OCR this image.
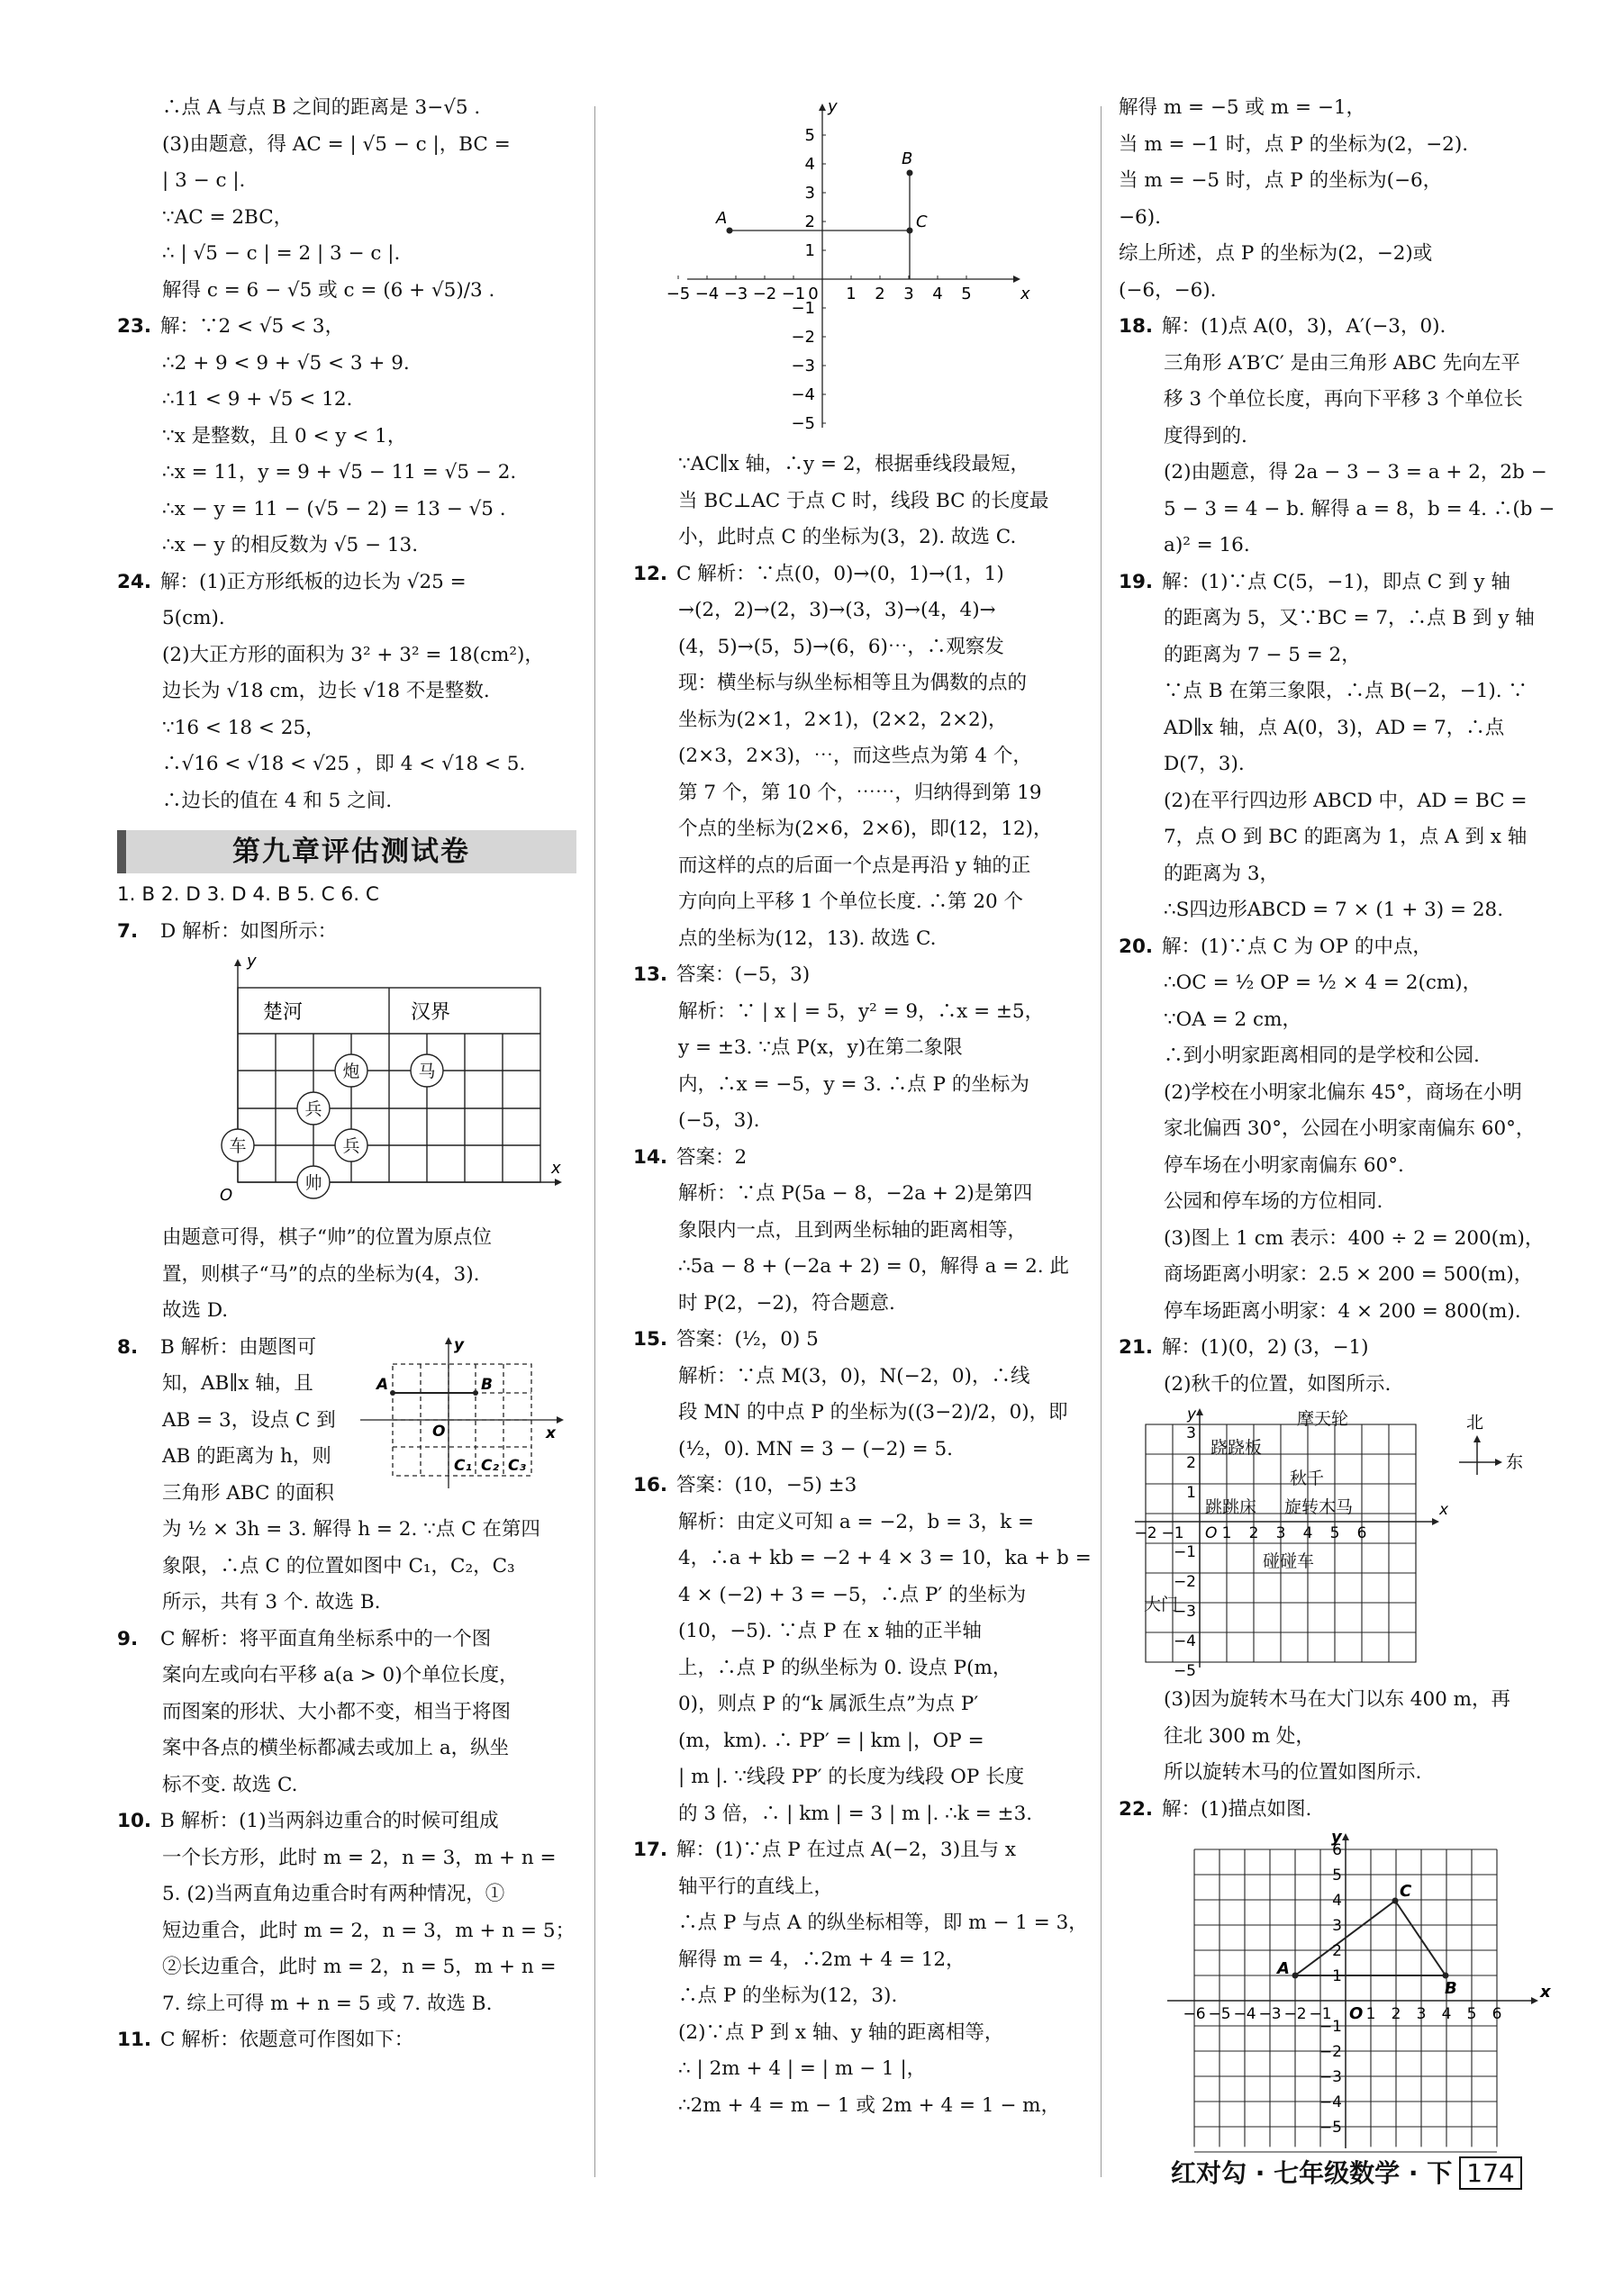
∴点 A 与点 B 之间的距离是 3−√5 .

(3)由题意，得 AC = | √5 − c |，BC =

| 3 − c |.

∵AC = 2BC，

∴ | √5 − c | = 2 | 3 − c |.

解得 c = 6 − √5 或 c = (6 + √5)/3 .

23. 解：∵2 < √5 < 3，

∴2 + 9 < 9 + √5 < 3 + 9.

∴11 < 9 + √5 < 12.

∵x 是整数，且 0 < y < 1，

∴x = 11，y = 9 + √5 − 11 = √5 − 2.

∴x − y = 11 − (√5 − 2) = 13 − √5 .

∴x − y 的相反数为 √5 − 13.

24. 解：(1)正方形纸板的边长为 √25 =

5(cm).

(2)大正方形的面积为 3² + 3² = 18(cm²)，

边长为 √18 cm，边长 √18 不是整数.

∵16 < 18 < 25，

∴√16 < √18 < √25 ，即 4 < √18 < 5.

∴边长的值在 4 和 5 之间.

第九章评估测试卷

1. B 2. D 3. D 4. B 5. C 6. C

7. D 解析：如图所示：

y
x
O
楚河	汉界
炮	马
兵
车	兵
帅

由题意可得，棋子“帅”的位置为原点位

置，则棋子“马”的点的坐标为(4，3).

故选 D.

8. B 解析：由题图可

知，AB∥x 轴，且

AB = 3，设点 C 到

AB 的距离为 h，则

三角形 ABC 的面积

为 ½ × 3h = 3. 解得 h = 2. ∵点 C 在第四

象限，∴点 C 的位置如图中 C₁，C₂，C₃

所示，共有 3 个. 故选 B.

A	B
O	x
y
C₁ C₂ C₃

9. C 解析：将平面直角坐标系中的一个图

案向左或向右平移 a(a > 0)个单位长度，

而图案的形状、大小都不变，相当于将图

案中各点的横坐标都减去或加上 a，纵坐

标不变. 故选 C.

10. B 解析：(1)当两斜边重合的时候可组成

一个长方形，此时 m = 2，n = 3，m + n =

5. (2)当两直角边重合时有两种情况，①

短边重合，此时 m = 2，n = 3，m + n = 5；

②长边重合，此时 m = 2，n = 5，m + n =

7. 综上可得 m + n = 5 或 7. 故选 B.

11. C 解析：依题意可作图如下：

A
B
C
x
y
−5 −4 −3 −2 −1 0 1 2 3 4 5
5
4
3
2
1
−1
−2
−3
−4
−5

∵AC∥x 轴，∴y = 2，根据垂线段最短，

当 BC⊥AC 于点 C 时，线段 BC 的长度最

小，此时点 C 的坐标为(3，2). 故选 C.

12. C 解析：∵点(0，0)→(0，1)→(1，1)

→(2，2)→(2，3)→(3，3)→(4，4)→

(4，5)→(5，5)→(6，6)⋯，∴观察发

现：横坐标与纵坐标相等且为偶数的点的

坐标为(2×1，2×1)，(2×2，2×2)，

(2×3，2×3)，⋯，而这些点为第 4 个，

第 7 个，第 10 个，⋯⋯，归纳得到第 19

个点的坐标为(2×6，2×6)，即(12，12)，

而这样的点的后面一个点是再沿 y 轴的正

方向向上平移 1 个单位长度. ∴第 20 个

点的坐标为(12，13). 故选 C.

13. 答案：(−5，3)

解析：∵ | x | = 5，y² = 9，∴x = ±5，

y = ±3. ∵点 P(x，y)在第二象限

内，∴x = −5，y = 3. ∴点 P 的坐标为

(−5，3).

14. 答案：2

解析：∵点 P(5a − 8，−2a + 2)是第四

象限内一点，且到两坐标轴的距离相等，

∴5a − 8 + (−2a + 2) = 0，解得 a = 2. 此

时 P(2，−2)，符合题意.

15. 答案：(½，0) 5

解析：∵点 M(3，0)，N(−2，0)，∴线

段 MN 的中点 P 的坐标为((3−2)/2，0)，即

(½，0). MN = 3 − (−2) = 5.

16. 答案：(10，−5) ±3

解析：由定义可知 a = −2，b = 3，k =

4，∴a + kb = −2 + 4 × 3 = 10，ka + b =

4 × (−2) + 3 = −5，∴点 P′ 的坐标为

(10，−5). ∵点 P 在 x 轴的正半轴

上，∴点 P 的纵坐标为 0. 设点 P(m，

0)，则点 P 的“k 属派生点”为点 P′

(m，km). ∴ PP′ = | km |，OP =

| m |. ∵线段 PP′ 的长度为线段 OP 长度

的 3 倍，∴ | km | = 3 | m |. ∴k = ±3.

17. 解：(1)∵点 P 在过点 A(−2，3)且与 x

轴平行的直线上，

∴点 P 与点 A 的纵坐标相等，即 m − 1 = 3，

解得 m = 4，∴2m + 4 = 12，

∴点 P 的坐标为(12，3).

(2)∵点 P 到 x 轴、y 轴的距离相等，

∴ | 2m + 4 | = | m − 1 |，

∴2m + 4 = m − 1 或 2m + 4 = 1 − m，

解得 m = −5 或 m = −1，

当 m = −1 时，点 P 的坐标为(2，−2).

当 m = −5 时，点 P 的坐标为(−6，

−6).

综上所述，点 P 的坐标为(2，−2)或

(−6，−6).

18. 解：(1)点 A(0，3)，A′(−3，0).

三角形 A′B′C′ 是由三角形 ABC 先向左平

移 3 个单位长度，再向下平移 3 个单位长

度得到的.

(2)由题意，得 2a − 3 − 3 = a + 2，2b −

5 − 3 = 4 − b. 解得 a = 8，b = 4. ∴(b −

a)² = 16.

19. 解：(1)∵点 C(5，−1)，即点 C 到 y 轴

的距离为 5，又∵BC = 7，∴点 B 到 y 轴

的距离为 7 − 5 = 2，

∵点 B 在第三象限，∴点 B(−2，−1). ∵

AD∥x 轴，点 A(0，3)，AD = 7，∴点

D(7，3).

(2)在平行四边形 ABCD 中，AD = BC =

7，点 O 到 BC 的距离为 1，点 A 到 x 轴

的距离为 3，

∴S四边形ABCD = 7 × (1 + 3) = 28.

20. 解：(1)∵点 C 为 OP 的中点，

∴OC = ½ OP = ½ × 4 = 2(cm)，

∵OA = 2 cm，

∴到小明家距离相同的是学校和公园.

(2)学校在小明家北偏东 45°，商场在小明

家北偏西 30°，公园在小明家南偏东 60°，

停车场在小明家南偏东 60°.

公园和停车场的方位相同.

(3)图上 1 cm 表示：400 ÷ 2 = 200(m)，

商场距离小明家：2.5 × 200 = 500(m)，

停车场距离小明家：4 × 200 = 800(m).

21. 解：(1)(0，2) (3，−1)

(2)秋千的位置，如图所示.

x
y
O
−2 −1 1 2 3 4 5 6
3
2
1
−1
−2
−3
−4
−5
摩天轮
跷跷板
秋千
跳跳床 旋转木马
碰碰车
大门
北
东

(3)因为旋转木马在大门以东 400 m，再

往北 300 m 处，

所以旋转木马的位置如图所示.

22. 解：(1)描点如图.

A
B
C
x
y
O
−6 −5 −4 −3 −2 −1 1 2 3 4 5 6
6
5
4
3
2
1
−1
−2
−3
−4
−5
红对勾 · 七年级数学 · 下 174
